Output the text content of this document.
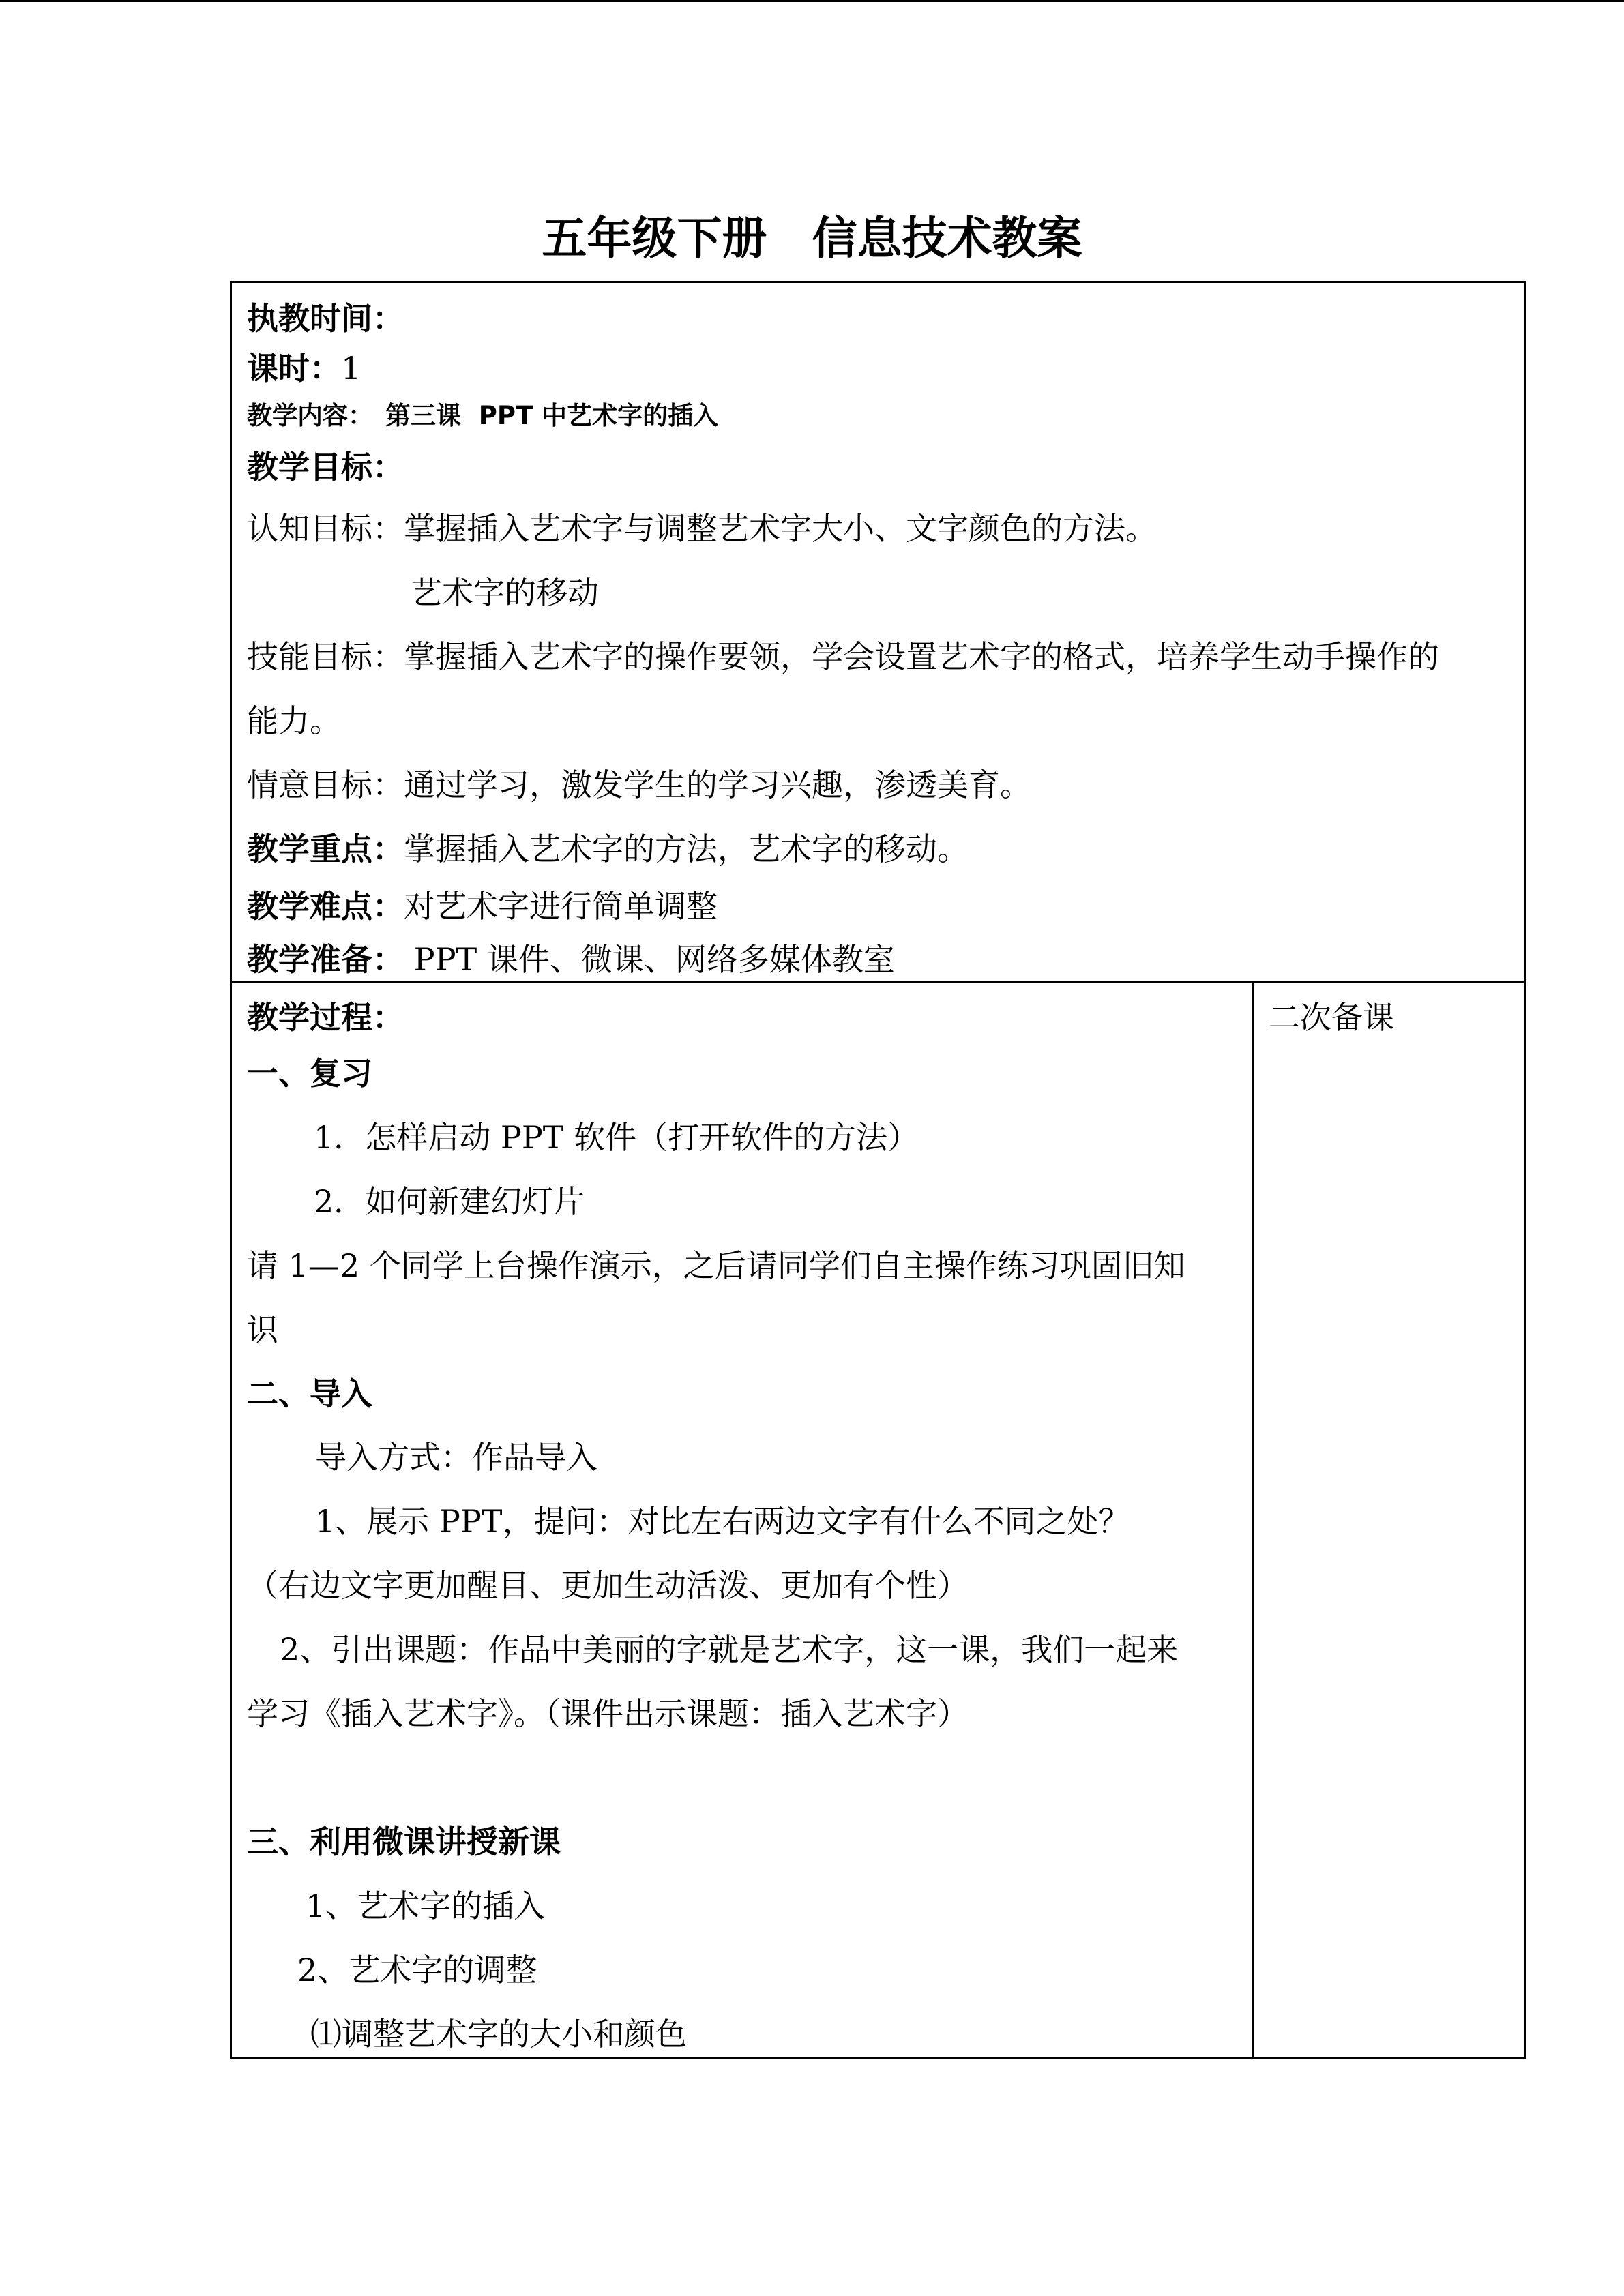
五年级下册　信息技术教案
执教时间：
课时：1
教学内容： 第三课  PPT 中艺术字的插入
教学目标：
认知目标：掌握插入艺术字与调整艺术字大小、文字颜色的方法。
艺术字的移动
技能目标：掌握插入艺术字的操作要领，学会设置艺术字的格式，培养学生动手操作的
能力。
情意目标：通过学习，激发学生的学习兴趣，渗透美育。
教学重点：掌握插入艺术字的方法，艺术字的移动。
教学难点：对艺术字进行简单调整
教学准备： PPT 课件、微课、网络多媒体教室
教学过程：
一、复习
1．怎样启动 PPT 软件（打开软件的方法）
2．如何新建幻灯片
请 1—2 个同学上台操作演示，之后请同学们自主操作练习巩固旧知
识
二、导入
导入方式：作品导入
1、展示 PPT，提问：对比左右两边文字有什么不同之处？
（右边文字更加醒目、更加生动活泼、更加有个性）
2、引出课题：作品中美丽的字就是艺术字，这一课，我们一起来
学习《插入艺术字》。（课件出示课题：插入艺术字）
三、利用微课讲授新课
1、艺术字的插入
2、艺术字的调整
⑴调整艺术字的大小和颜色
二次备课
